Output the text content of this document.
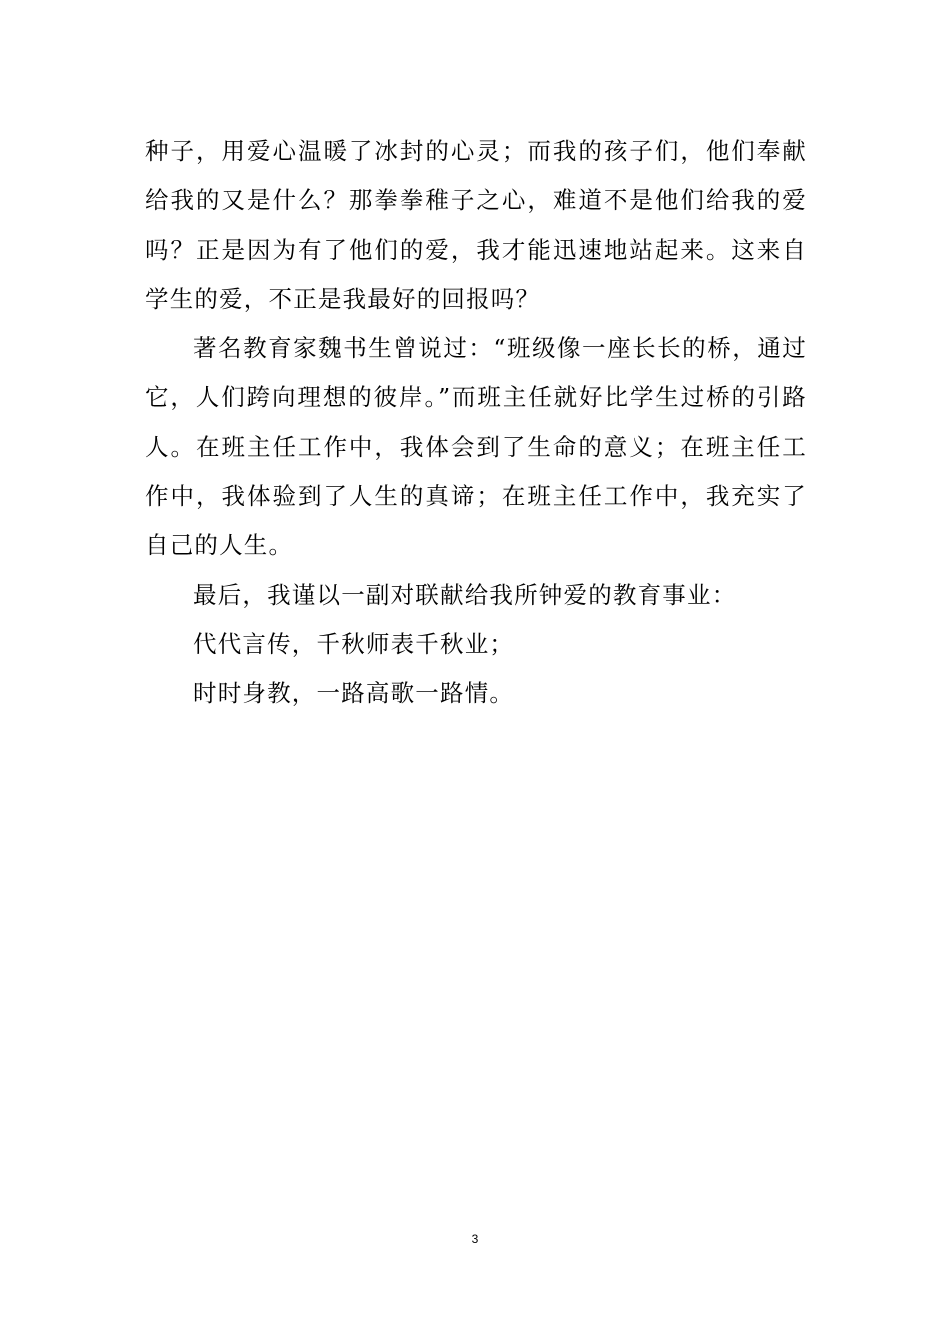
种子，用爱心温暖了冰封的心灵；而我的孩子们，他们奉献给我的又是什么？那拳拳稚子之心，难道不是他们给我的爱吗？正是因为有了他们的爱，我才能迅速地站起来。这来自学生的爱，不正是我最好的回报吗？

著名教育家魏书生曾说过：“班级像一座长长的桥，通过它，人们跨向理想的彼岸。”而班主任就好比学生过桥的引路人。在班主任工作中，我体会到了生命的意义；在班主任工作中，我体验到了人生的真谛；在班主任工作中，我充实了自己的人生。

最后，我谨以一副对联献给我所钟爱的教育事业：

代代言传，千秋师表千秋业；

时时身教，一路高歌一路情。

3
